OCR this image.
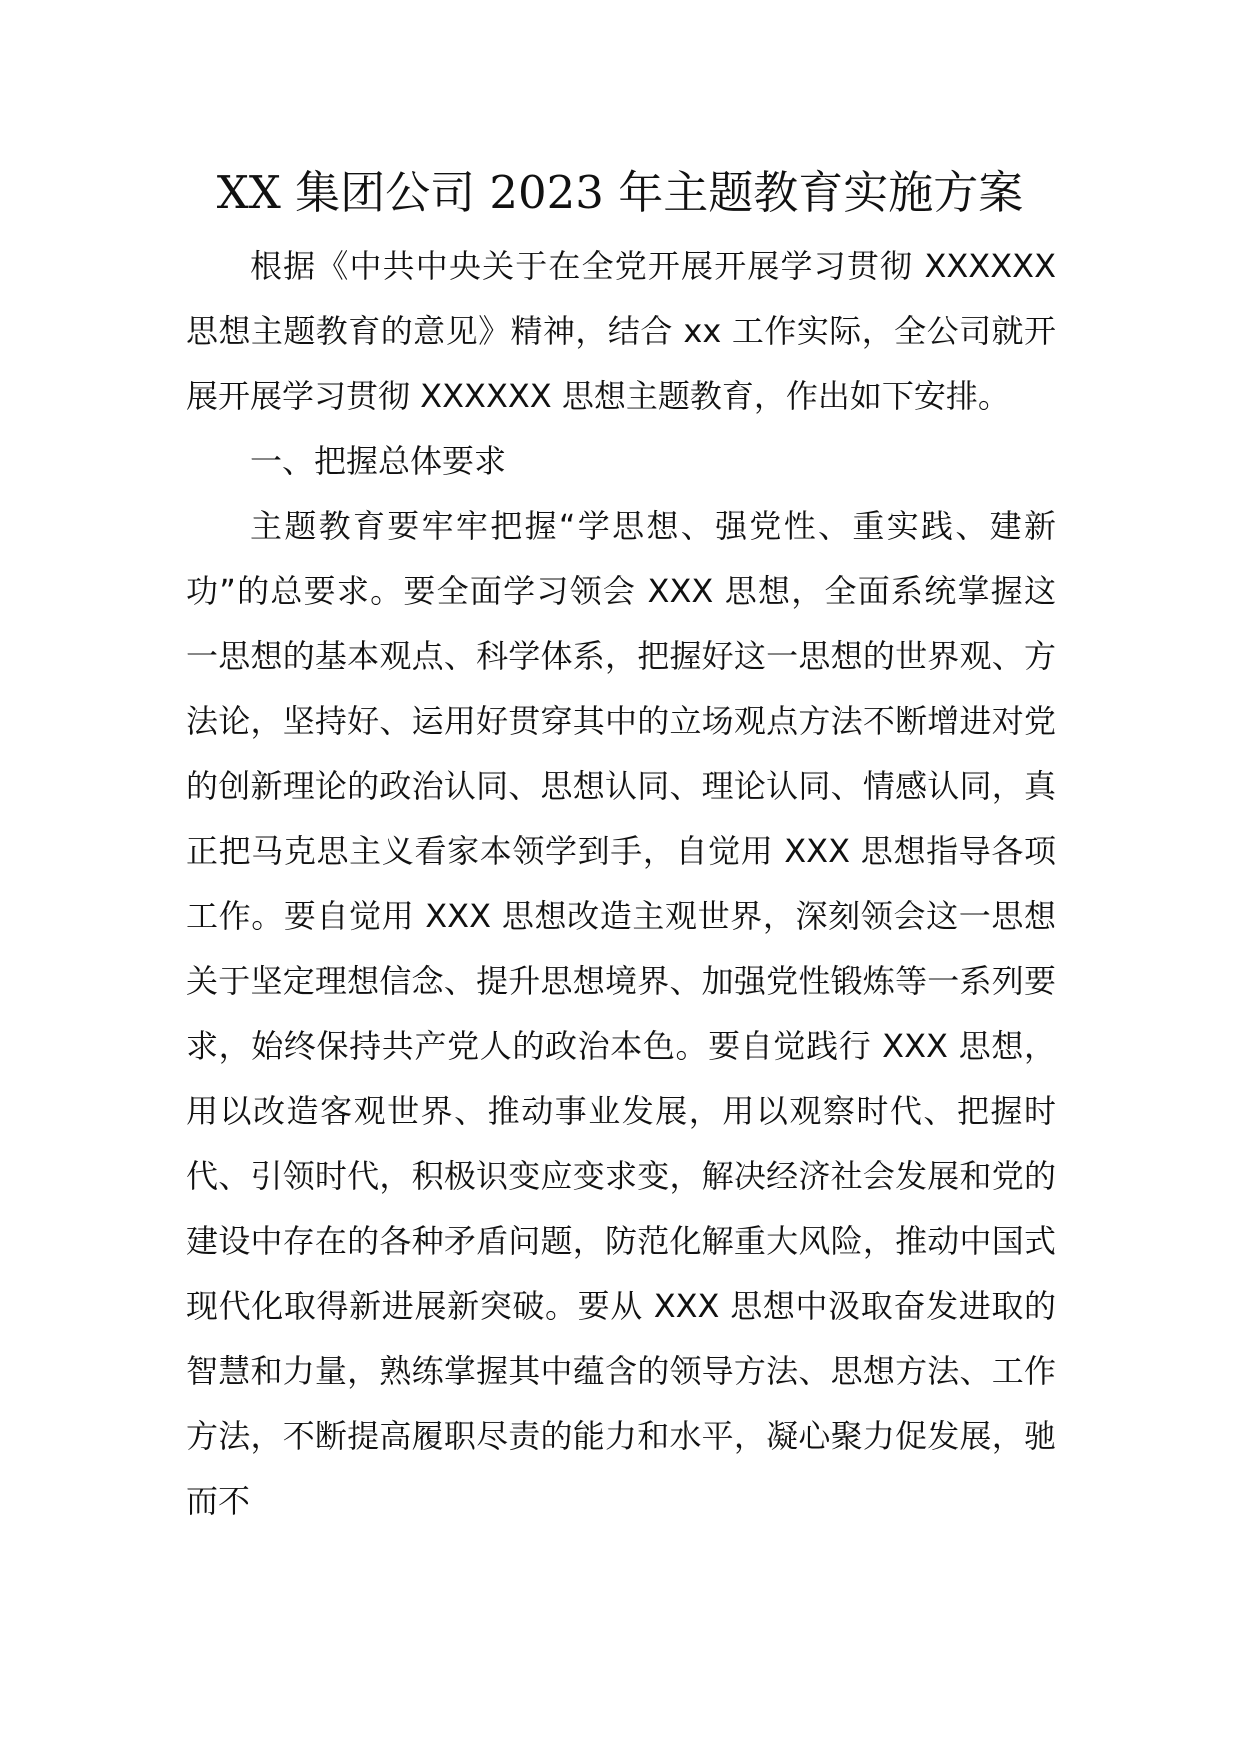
XX 集团公司 2023 年主题教育实施方案

根据《中共中央关于在全党开展开展学习贯彻 XXXXXX 思想主题教育的意见》精神，结合 xx 工作实际，全公司就开展开展学习贯彻 XXXXXX 思想主题教育，作出如下安排。

一、把握总体要求

主题教育要牢牢把握“学思想、强党性、重实践、建新功”的总要求。要全面学习领会 XXX 思想，全面系统掌握这一思想的基本观点、科学体系，把握好这一思想的世界观、方法论，坚持好、运用好贯穿其中的立场观点方法不断增进对党的创新理论的政治认同、思想认同、理论认同、情感认同，真正把马克思主义看家本领学到手，自觉用 XXX 思想指导各项工作。要自觉用 XXX 思想改造主观世界，深刻领会这一思想关于坚定理想信念、提升思想境界、加强党性锻炼等一系列要求，始终保持共产党人的政治本色。要自觉践行 XXX 思想，用以改造客观世界、推动事业发展，用以观察时代、把握时代、引领时代，积极识变应变求变，解决经济社会发展和党的建设中存在的各种矛盾问题，防范化解重大风险，推动中国式现代化取得新进展新突破。要从 XXX 思想中汲取奋发进取的智慧和力量，熟练掌握其中蕴含的领导方法、思想方法、工作方法，不断提高履职尽责的能力和水平，凝心聚力促发展，驰而不
